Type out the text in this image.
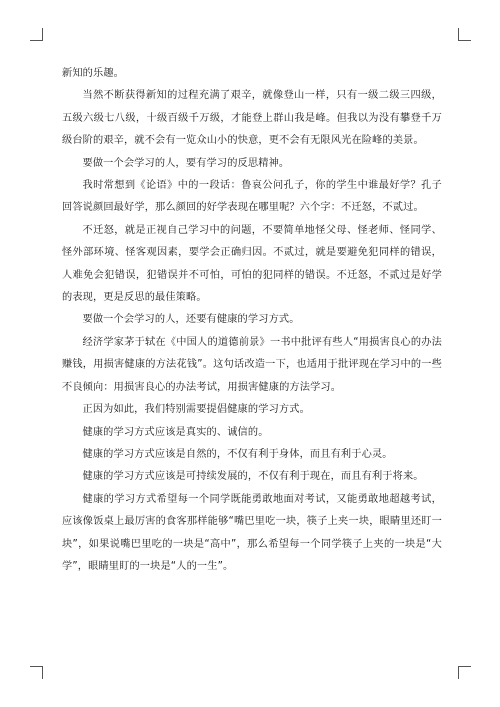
新知的乐趣。

当然不断获得新知的过程充满了艰辛，就像登山一样，只有一级二级三四级，五级六级七八级，十级百级千万级，才能登上群山我是峰。但我以为没有攀登千万级台阶的艰辛，就不会有一览众山小的快意，更不会有无限风光在险峰的美景。

要做一个会学习的人，要有学习的反思精神。

我时常想到《论语》中的一段话：鲁哀公问孔子，你的学生中谁最好学？孔子回答说颜回最好学，那么颜回的好学表现在哪里呢？六个字：不迁怒，不贰过。

不迁怒，就是正视自己学习中的问题，不要简单地怪父母、怪老师、怪同学、怪外部环境、怪客观因素，要学会正确归因。不贰过，就是要避免犯同样的错误，人难免会犯错误，犯错误并不可怕，可怕的犯同样的错误。不迁怒，不贰过是好学的表现，更是反思的最佳策略。

要做一个会学习的人，还要有健康的学习方式。

经济学家茅于轼在《中国人的道德前景》一书中批评有些人“用损害良心的办法赚钱，用损害健康的方法花钱”。这句话改造一下，也适用于批评现在学习中的一些不良倾向：用损害良心的办法考试，用损害健康的方法学习。

正因为如此，我们特别需要提倡健康的学习方式。

健康的学习方式应该是真实的、诚信的。

健康的学习方式应该是自然的，不仅有利于身体，而且有利于心灵。

健康的学习方式应该是可持续发展的，不仅有利于现在，而且有利于将来。

健康的学习方式希望每一个同学既能勇敢地面对考试，又能勇敢地超越考试，应该像饭桌上最厉害的食客那样能够“嘴巴里吃一块，筷子上夹一块，眼睛里还盯一块”，如果说嘴巴里吃的一块是“高中”，那么希望每一个同学筷子上夹的一块是“大学”，眼睛里盯的一块是“人的一生”。
